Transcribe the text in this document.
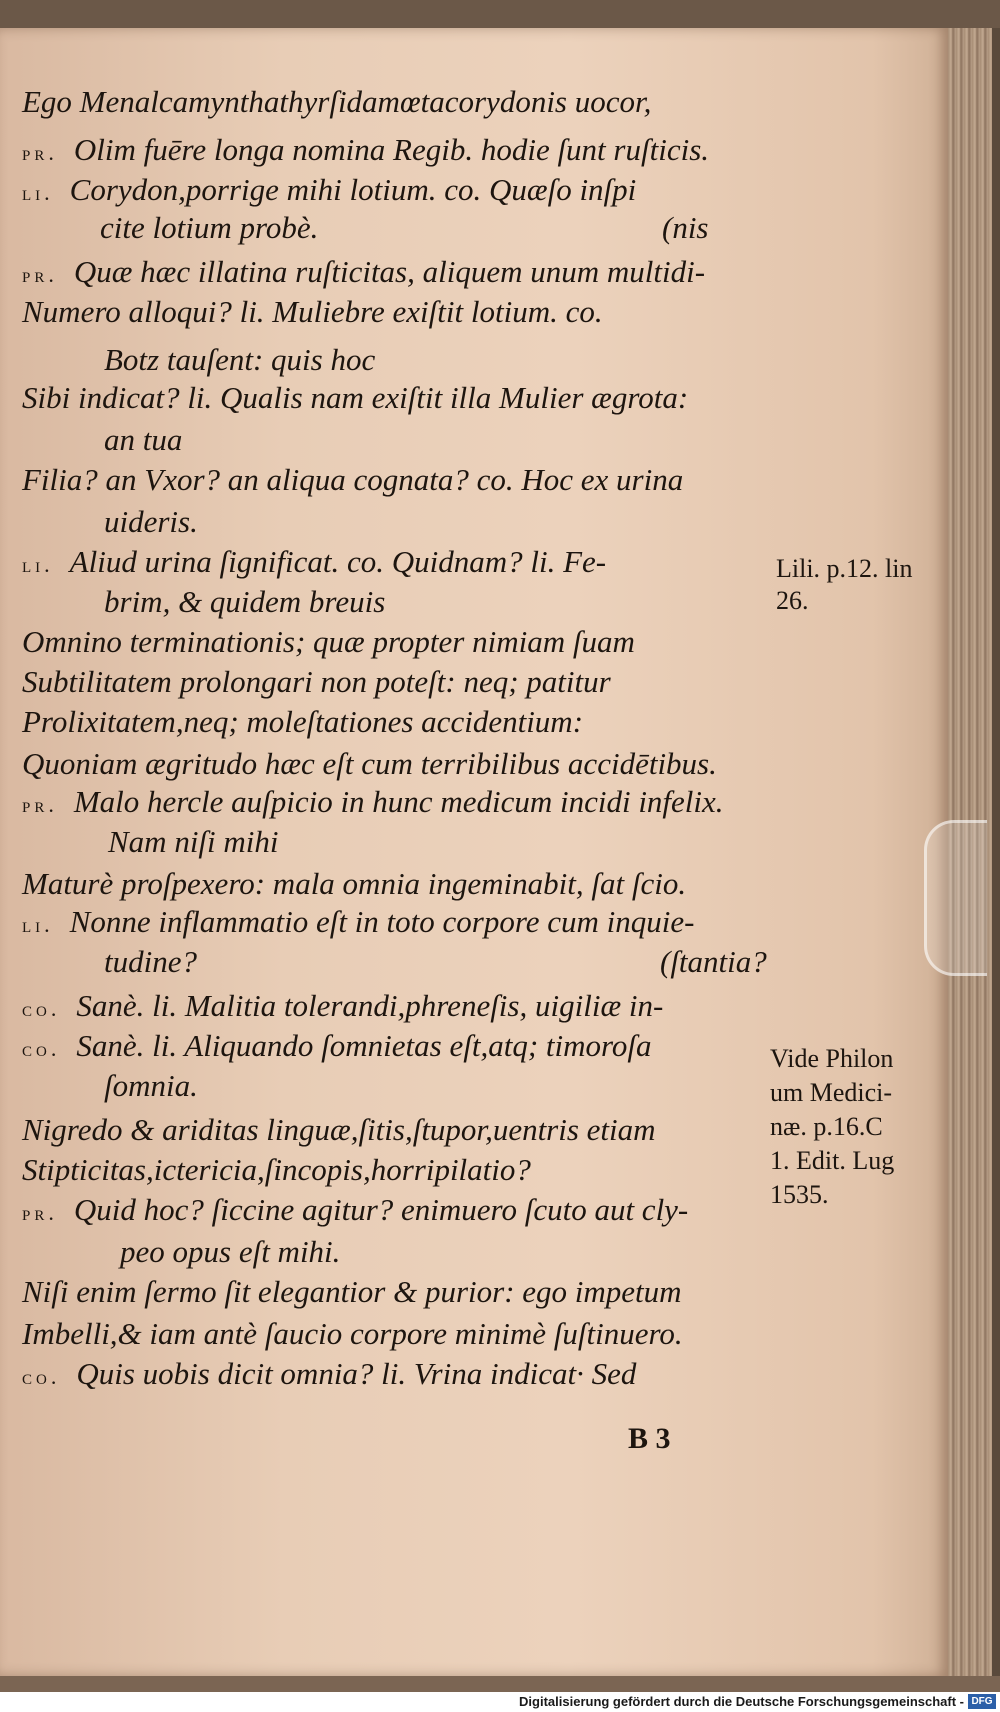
Ego Menalcamynthathyrſidamœtacorydonis uocor,
pr. Olim fuēre longa nomina Regib. hodie ſunt ruſticis.
li. Corydon,porrige mihi lotium. co. Quæſo inſpi
cite lotium probè.	(nis
pr. Quæ hæc illatina ruſticitas, aliquem unum multidi-
Numero alloqui? li. Muliebre exiſtit lotium. co.
Botz tauſent: quis hoc
Sibi indicat? li. Qualis nam exiſtit illa Mulier ægrota:
an tua
Filia? an Vxor? an aliqua cognata? co. Hoc ex urina
uideris.
li. Aliud urina ſignificat. co. Quidnam? li. Fe-
brim, & quidem breuis
Omnino terminationis; quæ propter nimiam ſuam
Subtilitatem prolongari non poteſt: neq; patitur
Prolixitatem,neq; moleſtationes accidentium:
Quoniam ægritudo hæc eſt cum terribilibus accidētibus.
pr. Malo hercle auſpicio in hunc medicum incidi infelix.
Nam niſi mihi
Maturè proſpexero: mala omnia ingeminabit, ſat ſcio.
li. Nonne inflammatio eſt in toto corpore cum inquie-
tudine?	(ſtantia?
co. Sanè. li. Malitia tolerandi,phreneſis, uigiliæ in-
co. Sanè. li. Aliquando ſomnietas eſt,atq; timoroſa
ſomnia.
Nigredo & ariditas linguæ,ſitis,ſtupor,uentris etiam
Stipticitas,ictericia,ſincopis,horripilatio?
pr. Quid hoc? ſiccine agitur? enimuero ſcuto aut cly-
peo opus eſt mihi.
Niſi enim ſermo ſit elegantior & purior: ego impetum
Imbelli,& iam antè ſaucio corpore minimè ſuſtinuero.
co. Quis uobis dicit omnia? li. Vrina indicat· Sed
Lili. p.12. lin
26.
Vide Philon
um Medici-
næ. p.16.C
1. Edit. Lug
1535.
B 3
Digitalisierung gefördert durch die Deutsche Forschungsgemeinschaft - DFG
